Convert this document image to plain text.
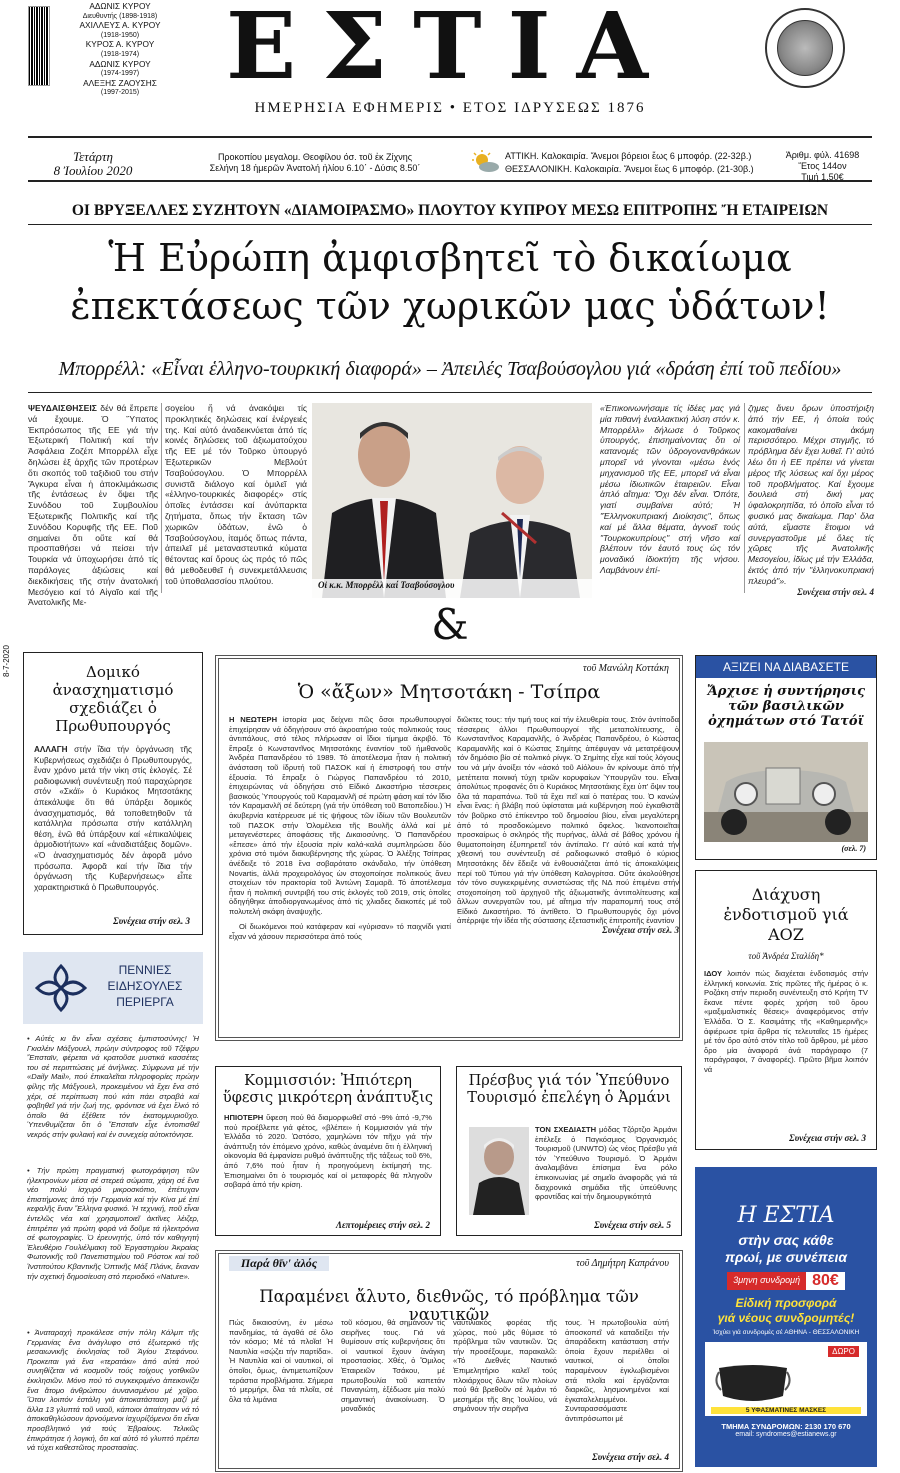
ΑΔΩΝΙΣ ΚΥΡΟΥ
Διευθυντής (1898-1918)
ΑΧΙΛΛΕΥΣ Α. ΚΥΡΟΥ
(1918-1950)
ΚΥΡΟΣ Α. ΚΥΡΟΥ
(1918-1974)
ΑΔΩΝΙΣ ΚΥΡΟΥ
(1974-1997)
ΑΛΕΞΗΣ ΖΑΟΥΣΗΣ
(1997-2015) ΕΣΤΙΑ
ΗΜΕΡΗΣΙΑ ΕΦΗΜΕΡΙΣ • ΕΤΟΣ ΙΔΡΥΣΕΩΣ 1876
Τετάρτη
8 Ἰουλίου 2020
Προκοπίου μεγαλομ. Θεοφίλου όσ. τοῦ ἐκ Ζίχνης
Σελήνη 18 ἡμερῶν Ἀνατολή ἡλίου 6.10΄ - Δύσις 8.50΄
ΑΤΤΙΚΗ. Καλοκαιρία. Ἄνεμοι βόρειοι ἕως 6 μποφόρ. (22-32β.)
ΘΕΣΣΑΛΟΝΙΚΗ. Καλοκαιρία. Ἄνεμοι ἕως 6 μποφόρ. (21-30β.)
Ἀριθμ. φύλ. 41698
Ἔτος 144ον
Τιμή 1,50€
ΟΙ ΒΡΥΞΕΛΛΕΣ ΣΥΖΗΤΟΥΝ «ΔΙΑΜΟΙΡΑΣΜΟ» ΠΛΟΥΤΟΥ ΚΥΠΡΟΥ ΜΕΣΩ ΕΠΙΤΡΟΠΗΣ Ἤ ΕΤΑΙΡΕΙΩΝ
Ἡ Εὐρώπη ἀμφισβητεῖ τὸ δικαίωμα
ἐπεκτάσεως τῶν χωρικῶν μας ὑδάτων!
Μπορρέλλ: «Εἶναι ἑλληνο-τουρκική διαφορά» – Ἀπειλές Τσαβούσογλου γιά «δράση ἐπί τοῦ πεδίου»
ΨΕΥΔΑΙΣΘΗΣΕΙΣ δέν θά ἔπρεπε νά ἔχουμε. Ὁ Ὕπατος Ἐκπρόσωπος τῆς ΕΕ γιά τήν Ἐξωτερική Πολιτική καί τήν Ἀσφάλεια Ζοζέπ Μπορρέλλ εἶχε δηλώσει ἐξ ἀρχῆς τῶν προτέρων ὅτι σκοπός τοῦ ταξιδιοῦ του στήν Ἄγκυρα εἶναι ἡ ἀποκλιμάκωσις τῆς ἐντάσεως ἐν ὄψει τῆς Συνόδου τοῦ Συμβουλίου Ἐξωτερικῆς Πολιτικῆς καί τῆς Συνόδου Κορυφῆς τῆς ΕΕ. Ποῦ σημαίνει ὅτι οὔτε καί θά προσπαθήσει νά πείσει τήν Τουρκία νά ὑποχωρήσει ἀπό τίς παράλογες ἀξιώσεις καί διεκδικήσεις τῆς στήν ἀνατολική Μεσόγειο καί τό Αἰγαῖο καί τῆς Ἀνατολικῆς Με-
σογείου ἤ νά ἀνακόψει τίς προκλητικές δηλώσεις καί ἐνέργειές της. Καί αὐτό ἀναδεικνύεται ἀπό τίς κοινές δηλώσεις τοῦ ἀξιωματούχου τῆς ΕΕ μέ τόν Τοῦρκο ὑπουργό Ἐξωτερικῶν Μεβλούτ Τσαβούσογλου. Ὁ Μπορρέλλ συνιστᾶ διάλογο καί ὁμιλεῖ γιά «ἑλληνο-τουρκικές διαφορές» στίς ὁποῖες ἐντάσσει καί ἀνύπαρκτα ζητήματα, ὅπως τήν ἔκταση τῶν χωρικῶν ὑδάτων, ἐνῶ ὁ Τσαβούσογλου, ἰταμός ὅπως πάντα, ἀπειλεῖ μέ μεταναστευτικά κύματα θέτοντας καί ὅρους ὡς πρός τό πῶς θά μεθοδευθεῖ ἡ συνεκμετάλλευσις τοῦ ὑποθαλασσίου πλούτου.	Οἱ κ.κ. Μπορρέλλ καί Τσαβούσογλου
«Ἐπικοινωνήσαμε τίς ἰδέες μας γιά μία πιθανή ἐναλλακτική λύση στόν κ. Μπορρέλλ» δήλωσε ὁ Τοῦρκος ὑπουργός, ἐπισημαίνοντας ὅτι οἱ κατανομές τῶν ὑδρογονανθράκων μπορεῖ νά γίνονται «μέσω ἑνός μηχανισμοῦ τῆς ΕΕ, μπορεῖ νά εἶναι μέσω ἰδιωτικῶν ἑταιρειῶν. Εἶναι ἁπλό αἴτημα: Ὄχι δέν εἶναι. Ὁπότε, γιατί συμβαίνει αὐτό; Ἡ "Ἑλληνοκυπριακή Διοίκησις", ὅπως καί μέ ἄλλα θέματα, ἀγνοεῖ τούς "Τουρκοκυπρίους" στή νῆσο καί βλέπουν τόν ἑαυτό τους ὡς τόν μοναδικό ἰδιοκτήτη τῆς νήσου. Λαμβάνουν ἐπί-
ζημες ἄνευ ὅρων ὑποστήριξη ἀπό τήν ΕΕ, ἡ ὁποία τούς κακομαθαίνει ἀκόμη περισσότερο. Μέχρι στιγμῆς, τό πρόβλημα δέν ἔχει λυθεῖ. Γι' αὐτό λέω ὅτι ἡ ΕΕ πρέπει νά γίνεται μέρος τῆς λύσεως καί ὄχι μέρος τοῦ προβλήματος. Καί ἔχουμε δουλειά στή δική μας ὑφαλοκρηπίδα, τό ὁποῖο εἶναι τό φυσικό μας δικαίωμα. Παρ' ὅλα αὐτά, εἴμαστε ἕτοιμοι νά συνεργαστοῦμε μέ ὅλες τίς χῶρες τῆς Ἀνατολικῆς Μεσογείου, ἰδίως μέ τήν Ἑλλάδα, ἐκτός ἀπό τήν "ἑλληνοκυπριακή πλευρά"».
Συνέχεια στήν σελ. 4
&
8-7-2020	Δομικό ἀνασχηματισμό σχεδιάζει ὁ Πρωθυπουργός
ΑΛΛΑΓΗ στήν ἴδια τήν ὀργάνωση τῆς Κυβερνήσεως σχεδιάζει ὁ Πρωθυπουργός, ἕναν χρόνο μετά τήν νίκη στίς ἐκλογές. Σέ ραδιοφωνική συνέντευξη πού παραχώρησε στόν «Σκάϊ» ὁ Κυριάκος Μητσοτάκης ἀπεκάλυψε ὅτι θά ὑπάρξει δομικός ἀνασχηματισμός, θά τοποθετηθοῦν τά κατάλληλα πρόσωπα στήν κατάλληλη θέση, ἐνῶ θά ὑπάρξουν καί «ἐπικαλύψεις ἁρμοδιοτήτων» καί «ἀναδιατάξεις δομῶν». «Ὁ ἀνασχηματισμός δέν ἀφορᾶ μόνο πρόσωπα. Ἀφορᾶ καί τήν ἴδια τήν ὀργάνωση τῆς Κυβερνήσεως» εἶπε χαρακτηριστικά ὁ Πρωθυπουργός.
Συνέχεια στήν σελ. 3
ΠΕΝΝΙΕΣ ΕΙΔΗΣΟΥΛΕΣ ΠΕΡΙΕΡΓΑ
• Αὐτές κι ἄν εἶναι σχέσεις ἐμπιστοσύνης! Ἡ Γκισλέιν Μάξγουελ, πρώην σύντροφος τοῦ Τζέφρυ Ἔπσταϊν, φέρεται νά κρατοῦσε μυστικά κασσέτες του σέ περιπτώσεις μέ ἀνήλικες. Σύμφωνα μέ τήν «Daily Mail», πού ἐπικαλεῖται πληροφορίες πρώην φίλης τῆς Μάξγουελ, προκειμένου νά ἔχει ἔνα στό χέρι, σέ περίπτωση πού κάτι πάει στραβά καί φοβηθεῖ γιά τήν ζωή της, φρόντισε νά ἔχει ἕλκό τό ὁποῖο θά ἐξέθετε τόν ἑκατομμυριοῦχο. Ὑπενθυμίζεται ὅτι ὁ Ἔπσταϊν εἶχε ἐντοπισθεῖ νεκρός στήν φυλακή καί ἐν συνεχείᾳ αὐτοκτόνησε.
• Τήν πρώτη πραγματική φωτογράφηση τῶν ἠλεκτρονίων μέσα σέ στερεά σώματα, χάρη σέ ἕνα νέο πολύ ἰσχυρό μικροσκόπιο, ἐπέτυχαν ἐπιστήμονες ἀπό τήν Γερμανία καί τήν Κίνα μέ ἐπί κεφαλῆς ἕναν Ἕλληνα φυσικό. Ἡ τεχνική, ποῦ εἶναι ἐντελῶς νέα καί χρησιμοποιεῖ ἀκτῖνες λέιζερ, ἐπιτρέπει γιά πρώτη φορά νά δοῦμε τά ἠλεκτρόνια σέ φωτογραφίες. Ὁ ἐρευνητής, ὑπό τόν καθηγητή Ἐλευθέριο Γουλιέλμακη τοῦ Ἐργαστηρίου Ἀκραίας Φωτονικῆς τοῦ Πανεπιστημίου τοῦ Ρόστοκ καί τοῦ Ἰνστιτούτου Κβαντικῆς Ὀπτικῆς Μάξ Πλάνκ, ἔκαναν τήν σχετική δημοσίευση στό περιοδικό «Nature».
• Ἀναταραχή προκάλεσε στήν πόλη Κάλμπ τῆς Γερμανίας ἕνα ἀνάγλυφο στό ἐξωτερικό τῆς μεσαιωνικῆς ἐκκλησίας τοῦ Ἁγίου Στεφάνου. Προκειται γιά ἕνα «τερατάκι» ἀπό αὐτά πού συνηθίζεται νά κοσμοῦν τούς τοίχους γοτθικῶν ἐκκλησιῶν. Μόνο πού τό συγκεκριμένο ἀπεικονίζει ἕνα ἄτομο ἀνθρώπου ἀυνανισμένου μέ χοῖρο. Ὅταν λοιπόν ἐστάλη γιά ἀποκατάσταση μαζί μέ ἄλλα 13 γλυπτά τοῦ ναοῦ, κάποιοι ἀπαίτησαν νά τό ἀποκαθηλώσουν ἀρνούμενοι ἰσχυρίζόμενοι ὅτι εἶναι προσβλητικό γιά τούς Ἑβραίους. Τελικῶς ἐπικράτησε ἡ λογική, ὅτι καί αὐτό τό γλυπτό πρέπει νά τύχει καθεστῶτος προστασίας.
τοῦ Μανώλη Κοττάκη
Ὁ «ἄξων» Μητσοτάκη - Τσίπρα
Η ΝΕΩΤΕΡΗ ἱστορία μας δείχνει πῶς ὅσοι πρωθυπουργοί ἐπιχείρησαν νά ὁδηγήσουν στό ἀκροατήριο τούς πολιτικούς τους ἀντιπάλους, στό τέλος πλήρωσαν οἱ ἴδιοι τίμημα ἀκριβό. Τό ἔπραξε ὁ Κωνσταντῖνος Μητσοτάκης ἐναντίον τοῦ ἡμιθανοῦς Ἀνδρέα Παπανδρέου τό 1989. Τό ἀποτέλεσμα ἦταν ἡ πολιτική ἀνάσταση τοῦ ἱδρυτή τοῦ ΠΑΣΟΚ καί ἡ ἐπιστροφή του στήν ἐξουσία. Τό ἔπραξε ὁ Γιώργος Παπανδρέου τό 2010, ἐπιχειρώντας νά ὁδηγήσει στό Εἰδικό Δικαστήριο τέσσερεις βασικούς Ὑπουργούς τοῦ Καραμανλῆ σέ πρώτη φάση καί τόν ἴδιο τόν Καραμανλῆ σέ δεύτερη (γιά τήν ὑπόθεση τοῦ Βατοπεδίου.) Ἡ ἀκυβερνία κατέρρευσε μέ τίς ψήφους τῶν ἰδίων τῶν Βουλευτῶν τοῦ ΠΑΣΟΚ στήν Ὁλομέλεια τῆς Βουλῆς ἀλλά καί μέ μεταγενέστερες ἀποφάσεις τῆς Δικαιοσύνης. Ὁ Παπανδρέου «ἔπεσε» ἀπό τήν ἐξουσία πρίν καλά-καλά συμπληρώσει δύο χρόνια στό τιμόνι διακυβέρνησης τῆς χώρας. Ὁ Ἀλέξης Τσίπρας ἀνέδειξε τό 2018 ἕνα σοβαρότατο σκάνδαλο, τήν ὑπόθεση Novartis, ἀλλά προχειρολόγος ὡν στοχοποίησε πολιτικούς ἄνευ στοιχείων τόν πρακτορία τοῦ Ἀντώνη Σαμαρᾶ. Τό ἀποτέλεσμα ἦταν ἡ πολιτική συντριβή του στίς ἐκλογές τοῦ 2019, στίς ὁποῖες ὁδηγήθηκε ἀποδιοργανωμένος ἀπό τίς χλιαδες διακοπές μέ τοῦ πολυτελή σκάφη ἀναψυχῆς.
Οἱ διωκόμενοι πού κατάφεραν καί «γύρισαν» τό παιχνίδι γιατί εἶχαν νά χάσουν περισσότερα ἀπό τούς
διῶκτες τους: τήν τιμή τους καί τήν ἐλευθερία τους. Στόν ἀντίποδα τέσσερεις ἀλλοι Πρωθυπουργοί τῆς μεταπολίτευσης, ὁ Κωνσταντῖνος Καραμανλῆς, ὁ Ἀνδρέας Παπανδρέου, ὁ Κώστας Καραμανλῆς καί ὁ Κώστας Σημίτης ἀπέφυγαν νά μετατρέψουν τόν δημόσιο βίο σέ πολιτικό ρίνγκ. Ὁ Σημίτης εἶχε καί τούς λόγους του νά μήν ἀνοίξει τόν «ἀσκό τοῦ Αἰόλου» ἄν κρίνουμε ἀπό τήν μετέπειτα ποινική τύχη τριῶν κορυφαίων Ὑπουργῶν του. Εἶναι ἀπολύτως προφανές ὅτι ὁ Κυριάκος Μητσοτάκης ἔχει ὑπ' ὄψιν του ὅλα τά παραπάνω. Τοῦ τά ἔχει πεῖ καί ὁ πατέρας του. Ὁ κανών εἶναι ἕνας: ἡ βλάβη πού ὑφίσταται μιά κυβέρνηση πού ἐγκαθιστᾶ τόν βοῦρκο στό ἐπίκεντρο τοῦ δημοσίου βίου, εἶναι μεγαλύτερη ἀπό τό προσδοκώμενο πολιτικό ὄφελος. Ἱκανοποιεῖται προσκαίρως ὁ σκληρός τῆς πυρήνας, ἀλλά σέ βάθος χρόνου ἡ θυματοποίηση ἐξυπηρετεῖ τόν ἀντίπαλο. Γι' αὐτό καί κατά τήν χθεσινή του συνέντευξη σέ ραδιοφωνικό σταθμό ὁ κύριος Μητσοτάκης δέν ἔδειξε νά ἐνθουσιάζεται ἀπό τίς ἀποκαλύψεις περί τοῦ Τύπου γιά τήν ὑπόθεση Καλογρίτσα. Οὔτε ἀκολούθησε τόν τόνο συγκεκριμένης συνιστώσας τῆς ΝΔ πού ἐπιμένει στήν στοχοποίηση τοῦ ἀρχηγοῦ τῆς ἀξιωματικῆς ἀντιπολίτευσης καί ἄλλων συνεργατῶν του, μέ αἴτημα τήν παραπομπή τους στό Εἰδικό Δικαστήριο. Τό ἀντίθετο. Ὁ Πρωθυπουργός ὄχι μόνο ἀπέρριψε τήν ἰδέα τῆς σύστασης ἐξεταστικῆς ἐπιτροπῆς ἐναντίον
Συνέχεια στήν σελ. 3
Κομμισσιόν: Ἠπιότερη ὕφεσις μικρότερη ἀνάπτυξις
ΗΠΙΟΤΕΡΗ ὕφεση πού θά διαμορφωθεῖ στό -9% ἀπό -9,7% πού προέβλεπε γιά φέτος, «βλέπει» ἡ Κομμισσιόν γιά τήν Ἑλλάδα τό 2020. Ὡστόσο, χαμηλώνει τόν πῆχυ γιά τήν ἀνάπτυξη τόν ἑπόμενο χρόνο, καθώς ἀναμένει ὅτι ἡ ἑλληνική οἰκονομία θά ἐμφανίσει ρυθμό ἀνάπτυξης τῆς τάξεως τοῦ 6%, ἀπό 7,6% πού ἦταν ἡ προηγούμενη ἐκτίμησή της. Ἐπισημαίνει ὅτι ὁ τουρισμός καί οἱ μεταφορές θά πληγοῦν σοβαρά ἀπό τήν κρίση.
Λεπτομέρειες στήν σελ. 2
Πρέσβυς γιά τόν Ὑπεύθυνο Τουρισμό ἐπελέγη ὁ Ἀρμάνι
ΤΟΝ ΣΧΕΔΙΑΣΤΗ μόδας Τζόρτζιο Ἀρμάνι ἐπέλεξε ὁ Παγκόσμιος Ὀργανισμός Τουρισμοῦ (UNWTO) ὡς νέος Πρέσβυ γιά τόν Ὑπεύθυνο Τουρισμό. Ὁ Ἀρμάνι ἀναλαμβάνει ἐπίσημα ἕνα ρόλο ἐπικοινωνίας μέ σημεῖο ἀναφορᾶς γιά τά διαχρονικά σημάδια τῆς ὑπεύθυνης φροντίδας καί τήν δημιουργικότητά
Συνέχεια στήν σελ. 5
Παρά θῖν' ἁλός	τοῦ Δημήτρη Καπράνου
Παραμένει ἄλυτο, διεθνῶς, τό πρόβλημα τῶν ναυτικῶν
Πώς δικαιοσύνη, ἐν μέσω πανδημίας, τά ἀγαθά σέ ὅλο τόν κόσμο; Μέ τά πλοῖα! Ἡ Ναυτιλία «σῴζει τήν παρτίδα». Ἡ Ναυτιλία καί οἱ ναυτικοί, οἱ ὁποῖοι, ὅμως, ἀντιμετωπίζουν τεράστια προβλήματα. Σήμερα τό μερμήρι, δλα τά πλοῖα, σέ ὅλα τά λιμάνια
τοῦ κόσμου, θά σημάνουν τίς σειρῆνες τους. Γιά νά θυμίσουν στίς κυβερνήσεις ὅτι οἱ ναυτικοί ἔχουν ἀνάγκη προστασίας. Χθές, ὁ Ὅμιλος Ἑταιρειῶν Τσάκου, μέ πρωτοβουλία τοῦ καπετάν Παναγιώτη, ἐξέδωσε μία πολύ σημαντική ἀνακοίνωση. Ὁ μοναδικός
ναυτιλιακός φορέας τῆς χώρας, πού μᾶς θύμισε τό πρόβλημα τῶν ναυτικῶν. Ὡς τήν προσέξουμε, παρακαλῶ: «Τό Διεθνές Ναυτικό Ἐπιμελητήριο καλεῖ τούς πλοιάρχους ὅλων τῶν πλοίων πού θά βρεθοῦν σέ λιμάνι τό μεσημέρι τῆς 8ης Ἰουλίου, νά σημάνουν τήν σειρῆνα
τους. Ἡ πρωτοβουλία αὐτή ἀποσκοπεῖ νά καταδείξει τήν ἀπαράδεκτη κατάσταση στήν ὁποία ἔχουν περιέλθει οἱ ναυτικοί, οἱ ὁποῖοι παραμένουν ἐγκλωβισμένοι στά πλοῖα καί ἐργάζονται διαρκῶς, λησμονημένοι καί ἐγκαταλελειμμένοι. Συνταρασσόμαστε ἀντιπρόσωποι μέ
Συνέχεια στήν σελ. 4
ΑΞΙΖΕΙ ΝΑ ΔΙΑΒΑΣΕΤΕ
Ἄρχισε ἡ συντήρησις τῶν βασιλικῶν ὀχημάτων στό Τατόϊ
(σελ. 7)
Διάχυση ἐνδοτισμοῦ γιά ΑΟΖ
τοῦ Ἀνδρέα Σταλίδη*
ΙΔΟΥ λοιπόν πώς διαχέεται ἐνδοτισμός στήν ἑλληνική κοινωνία. Στίς πρῶτες τῆς ἡμέρας ὁ κ. Ροζάκη στήν περιοδη συνέντευξη στό Κρήτη TV ἔκανε πέντε φορές χρήση τοῦ ὅρου «μαξιμαλιστικές θέσεις» ἀναφερόμενος στήν Ἑλλάδα. Ὁ Σ. Κασιμάτης τῆς «Καθημερινῆς» ἀφιέρωσε τρία ἄρθρα τίς τελευταῖες 15 ἡμέρες μέ τόν ὅρο αὐτό στόν τίτλο τοῦ ἄρθρου, μέ μέσο ὅρο μία ἀναφορά ἀνά παράγραφο (7 παράγραφοι, 7 ἀναφορές). Πρῶτο βῆμα λοιπόν νά
Συνέχεια στήν σελ. 3
Η ΕΣΤΙΑ
στὴν σας κάθε
πρωί, με συνέπεια
3μηνη συνδρομή 80€
Εἰδική προσφορά
γιά νέους συνδρομητές!
Ἰσχύει γιά συνδρομές σέ ΑΘΗΝΑ - ΘΕΣΣΑΛΟΝΙΚΗ
ΔΩΡΟ
5 ΥΦΑΣΜΑΤΙΝΕΣ ΜΑΣΚΕΣ
ΤΜΗΜΑ ΣΥΝΔΡΟΜΩΝ: 2130 170 670
email: syndromes@estianews.gr
